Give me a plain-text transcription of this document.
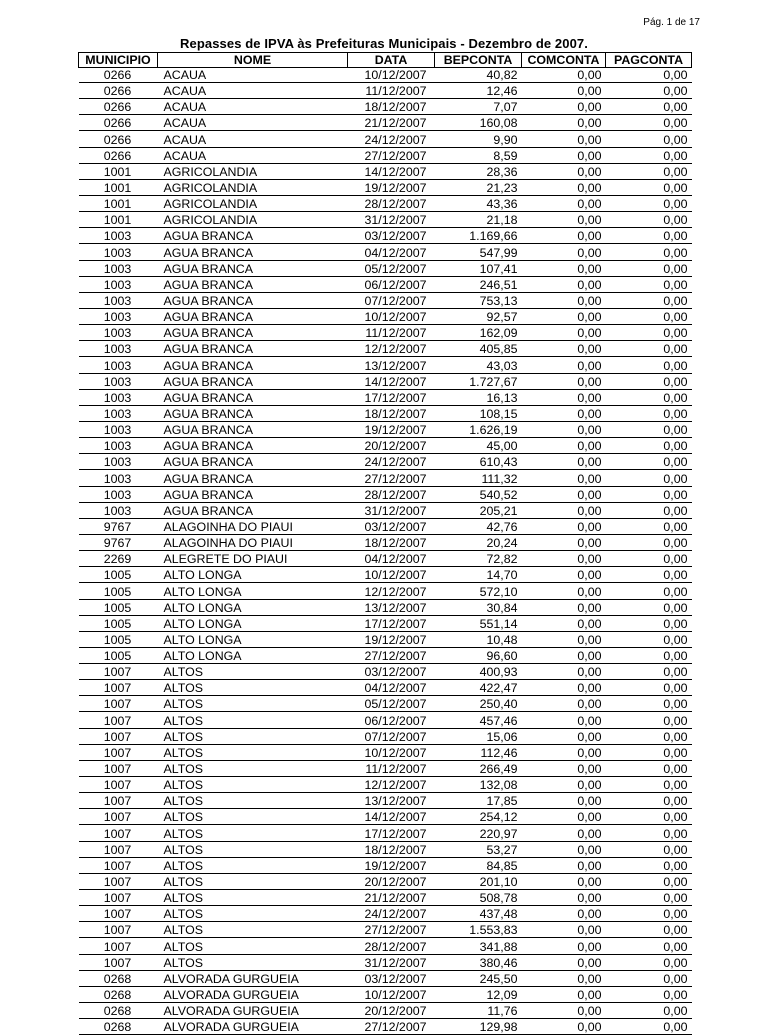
Pág. 1 de 17
Repasses de IPVA às Prefeituras Municipais - Dezembro de 2007.
MUNICIPIO	NOME	DATA	BEPCONTA	COMCONTA	PAGCONTA
0266	ACAUA	10/12/2007	40,82	0,00	0,00
0266	ACAUA	11/12/2007	12,46	0,00	0,00
0266	ACAUA	18/12/2007	7,07	0,00	0,00
0266	ACAUA	21/12/2007	160,08	0,00	0,00
0266	ACAUA	24/12/2007	9,90	0,00	0,00
0266	ACAUA	27/12/2007	8,59	0,00	0,00
1001	AGRICOLANDIA	14/12/2007	28,36	0,00	0,00
1001	AGRICOLANDIA	19/12/2007	21,23	0,00	0,00
1001	AGRICOLANDIA	28/12/2007	43,36	0,00	0,00
1001	AGRICOLANDIA	31/12/2007	21,18	0,00	0,00
1003	AGUA BRANCA	03/12/2007	1.169,66	0,00	0,00
1003	AGUA BRANCA	04/12/2007	547,99	0,00	0,00
1003	AGUA BRANCA	05/12/2007	107,41	0,00	0,00
1003	AGUA BRANCA	06/12/2007	246,51	0,00	0,00
1003	AGUA BRANCA	07/12/2007	753,13	0,00	0,00
1003	AGUA BRANCA	10/12/2007	92,57	0,00	0,00
1003	AGUA BRANCA	11/12/2007	162,09	0,00	0,00
1003	AGUA BRANCA	12/12/2007	405,85	0,00	0,00
1003	AGUA BRANCA	13/12/2007	43,03	0,00	0,00
1003	AGUA BRANCA	14/12/2007	1.727,67	0,00	0,00
1003	AGUA BRANCA	17/12/2007	16,13	0,00	0,00
1003	AGUA BRANCA	18/12/2007	108,15	0,00	0,00
1003	AGUA BRANCA	19/12/2007	1.626,19	0,00	0,00
1003	AGUA BRANCA	20/12/2007	45,00	0,00	0,00
1003	AGUA BRANCA	24/12/2007	610,43	0,00	0,00
1003	AGUA BRANCA	27/12/2007	111,32	0,00	0,00
1003	AGUA BRANCA	28/12/2007	540,52	0,00	0,00
1003	AGUA BRANCA	31/12/2007	205,21	0,00	0,00
9767	ALAGOINHA DO PIAUI	03/12/2007	42,76	0,00	0,00
9767	ALAGOINHA DO PIAUI	18/12/2007	20,24	0,00	0,00
2269	ALEGRETE DO PIAUI	04/12/2007	72,82	0,00	0,00
1005	ALTO LONGA	10/12/2007	14,70	0,00	0,00
1005	ALTO LONGA	12/12/2007	572,10	0,00	0,00
1005	ALTO LONGA	13/12/2007	30,84	0,00	0,00
1005	ALTO LONGA	17/12/2007	551,14	0,00	0,00
1005	ALTO LONGA	19/12/2007	10,48	0,00	0,00
1005	ALTO LONGA	27/12/2007	96,60	0,00	0,00
1007	ALTOS	03/12/2007	400,93	0,00	0,00
1007	ALTOS	04/12/2007	422,47	0,00	0,00
1007	ALTOS	05/12/2007	250,40	0,00	0,00
1007	ALTOS	06/12/2007	457,46	0,00	0,00
1007	ALTOS	07/12/2007	15,06	0,00	0,00
1007	ALTOS	10/12/2007	112,46	0,00	0,00
1007	ALTOS	11/12/2007	266,49	0,00	0,00
1007	ALTOS	12/12/2007	132,08	0,00	0,00
1007	ALTOS	13/12/2007	17,85	0,00	0,00
1007	ALTOS	14/12/2007	254,12	0,00	0,00
1007	ALTOS	17/12/2007	220,97	0,00	0,00
1007	ALTOS	18/12/2007	53,27	0,00	0,00
1007	ALTOS	19/12/2007	84,85	0,00	0,00
1007	ALTOS	20/12/2007	201,10	0,00	0,00
1007	ALTOS	21/12/2007	508,78	0,00	0,00
1007	ALTOS	24/12/2007	437,48	0,00	0,00
1007	ALTOS	27/12/2007	1.553,83	0,00	0,00
1007	ALTOS	28/12/2007	341,88	0,00	0,00
1007	ALTOS	31/12/2007	380,46	0,00	0,00
0268	ALVORADA GURGUEIA	03/12/2007	245,50	0,00	0,00
0268	ALVORADA GURGUEIA	10/12/2007	12,09	0,00	0,00
0268	ALVORADA GURGUEIA	20/12/2007	11,76	0,00	0,00
0268	ALVORADA GURGUEIA	27/12/2007	129,98	0,00	0,00
